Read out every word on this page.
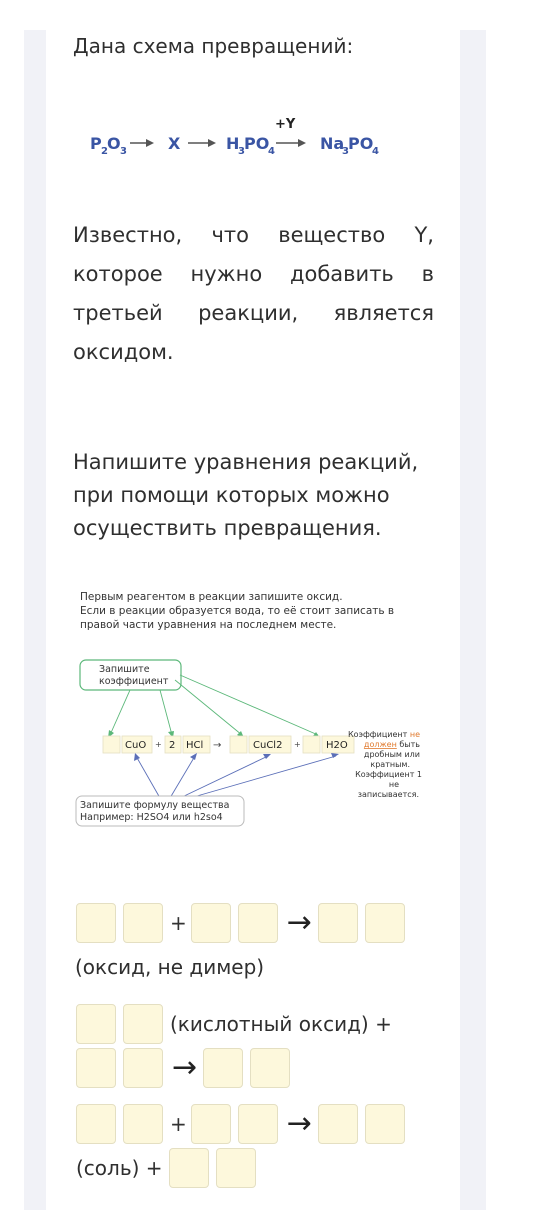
Дана схема превращений:
P 2 O 3	X	H
3 PO
4
+Y
Na
3 PO
4

Известно, что вещество Y, которое нужно добавить в третьей реакции, является оксидом.

Напишите уравнения реакций, при помощи которых можно осуществить превращения.

Первым реагентом в реакции запишите оксид.
Если в реакции образуется вода, то её стоит записать в
правой части уравнения на последнем месте.
Запишите
коэффициент
CuO + 2 HCl →	CuCl2 +	H2O
Запишите формулу вещества
Например: H2SO4 или h2so4
Коэффициент не
должен быть
дробным или
кратным.
Коэффициент 1
не
записывается.
+	→
(оксид, не димер)
(кислотный оксид) +
→
+	→
(соль) +
